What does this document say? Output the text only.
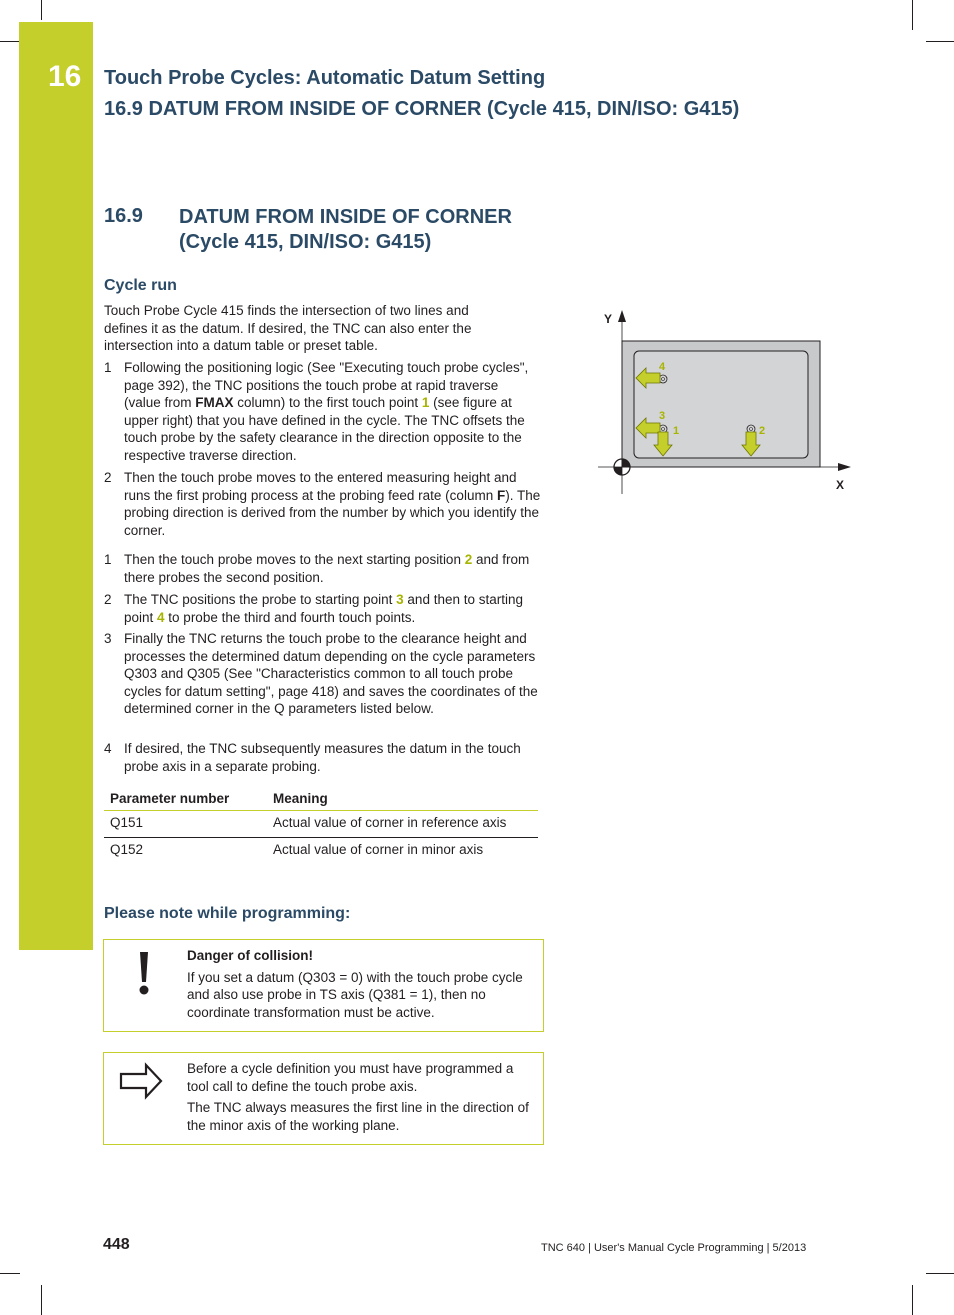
16 Touch Probe Cycles: Automatic Datum Setting
16.9 DATUM FROM INSIDE OF CORNER (Cycle 415, DIN/ISO: G415)
16.9 DATUM FROM INSIDE OF CORNER
(Cycle 415, DIN/ISO: G415)
Cycle run
Touch Probe Cycle 415 finds the intersection of two lines and defines it as the datum. If desired, the TNC can also enter the intersection into a datum table or preset table.
1 Following the positioning logic (See "Executing touch probe cycles", page 392), the TNC positions the touch probe at rapid traverse (value from FMAX column) to the first touch point 1 (see figure at upper right) that you have defined in the cycle. The TNC offsets the touch probe by the safety clearance in the direction opposite to the respective traverse direction.
2 Then the touch probe moves to the entered measuring height and runs the first probing process at the probing feed rate (column F). The probing direction is derived from the number by which you identify the corner.
1 Then the touch probe moves to the next starting position 2 and from there probes the second position.
2 The TNC positions the probe to starting point 3 and then to starting point 4 to probe the third and fourth touch points.
3 Finally the TNC returns the touch probe to the clearance height and processes the determined datum depending on the cycle parameters Q303 and Q305 (See "Characteristics common to all touch probe cycles for datum setting", page 418) and saves the coordinates of the determined corner in the Q parameters listed below.
4 If desired, the TNC subsequently measures the datum in the touch probe axis in a separate probing.
Parameter number	Meaning
Q151	Actual value of corner in reference axis
Q152	Actual value of corner in minor axis
Please note while programming:
Danger of collision!
If you set a datum (Q303 = 0) with the touch probe cycle and also use probe in TS axis (Q381 = 1), then no coordinate transformation must be active.
Before a cycle definition you must have programmed a tool call to define the touch probe axis.
The TNC always measures the first line in the direction of the minor axis of the working plane.
Y
X
4
3
1	2
448	TNC 640 | User's Manual Cycle Programming | 5/2013
